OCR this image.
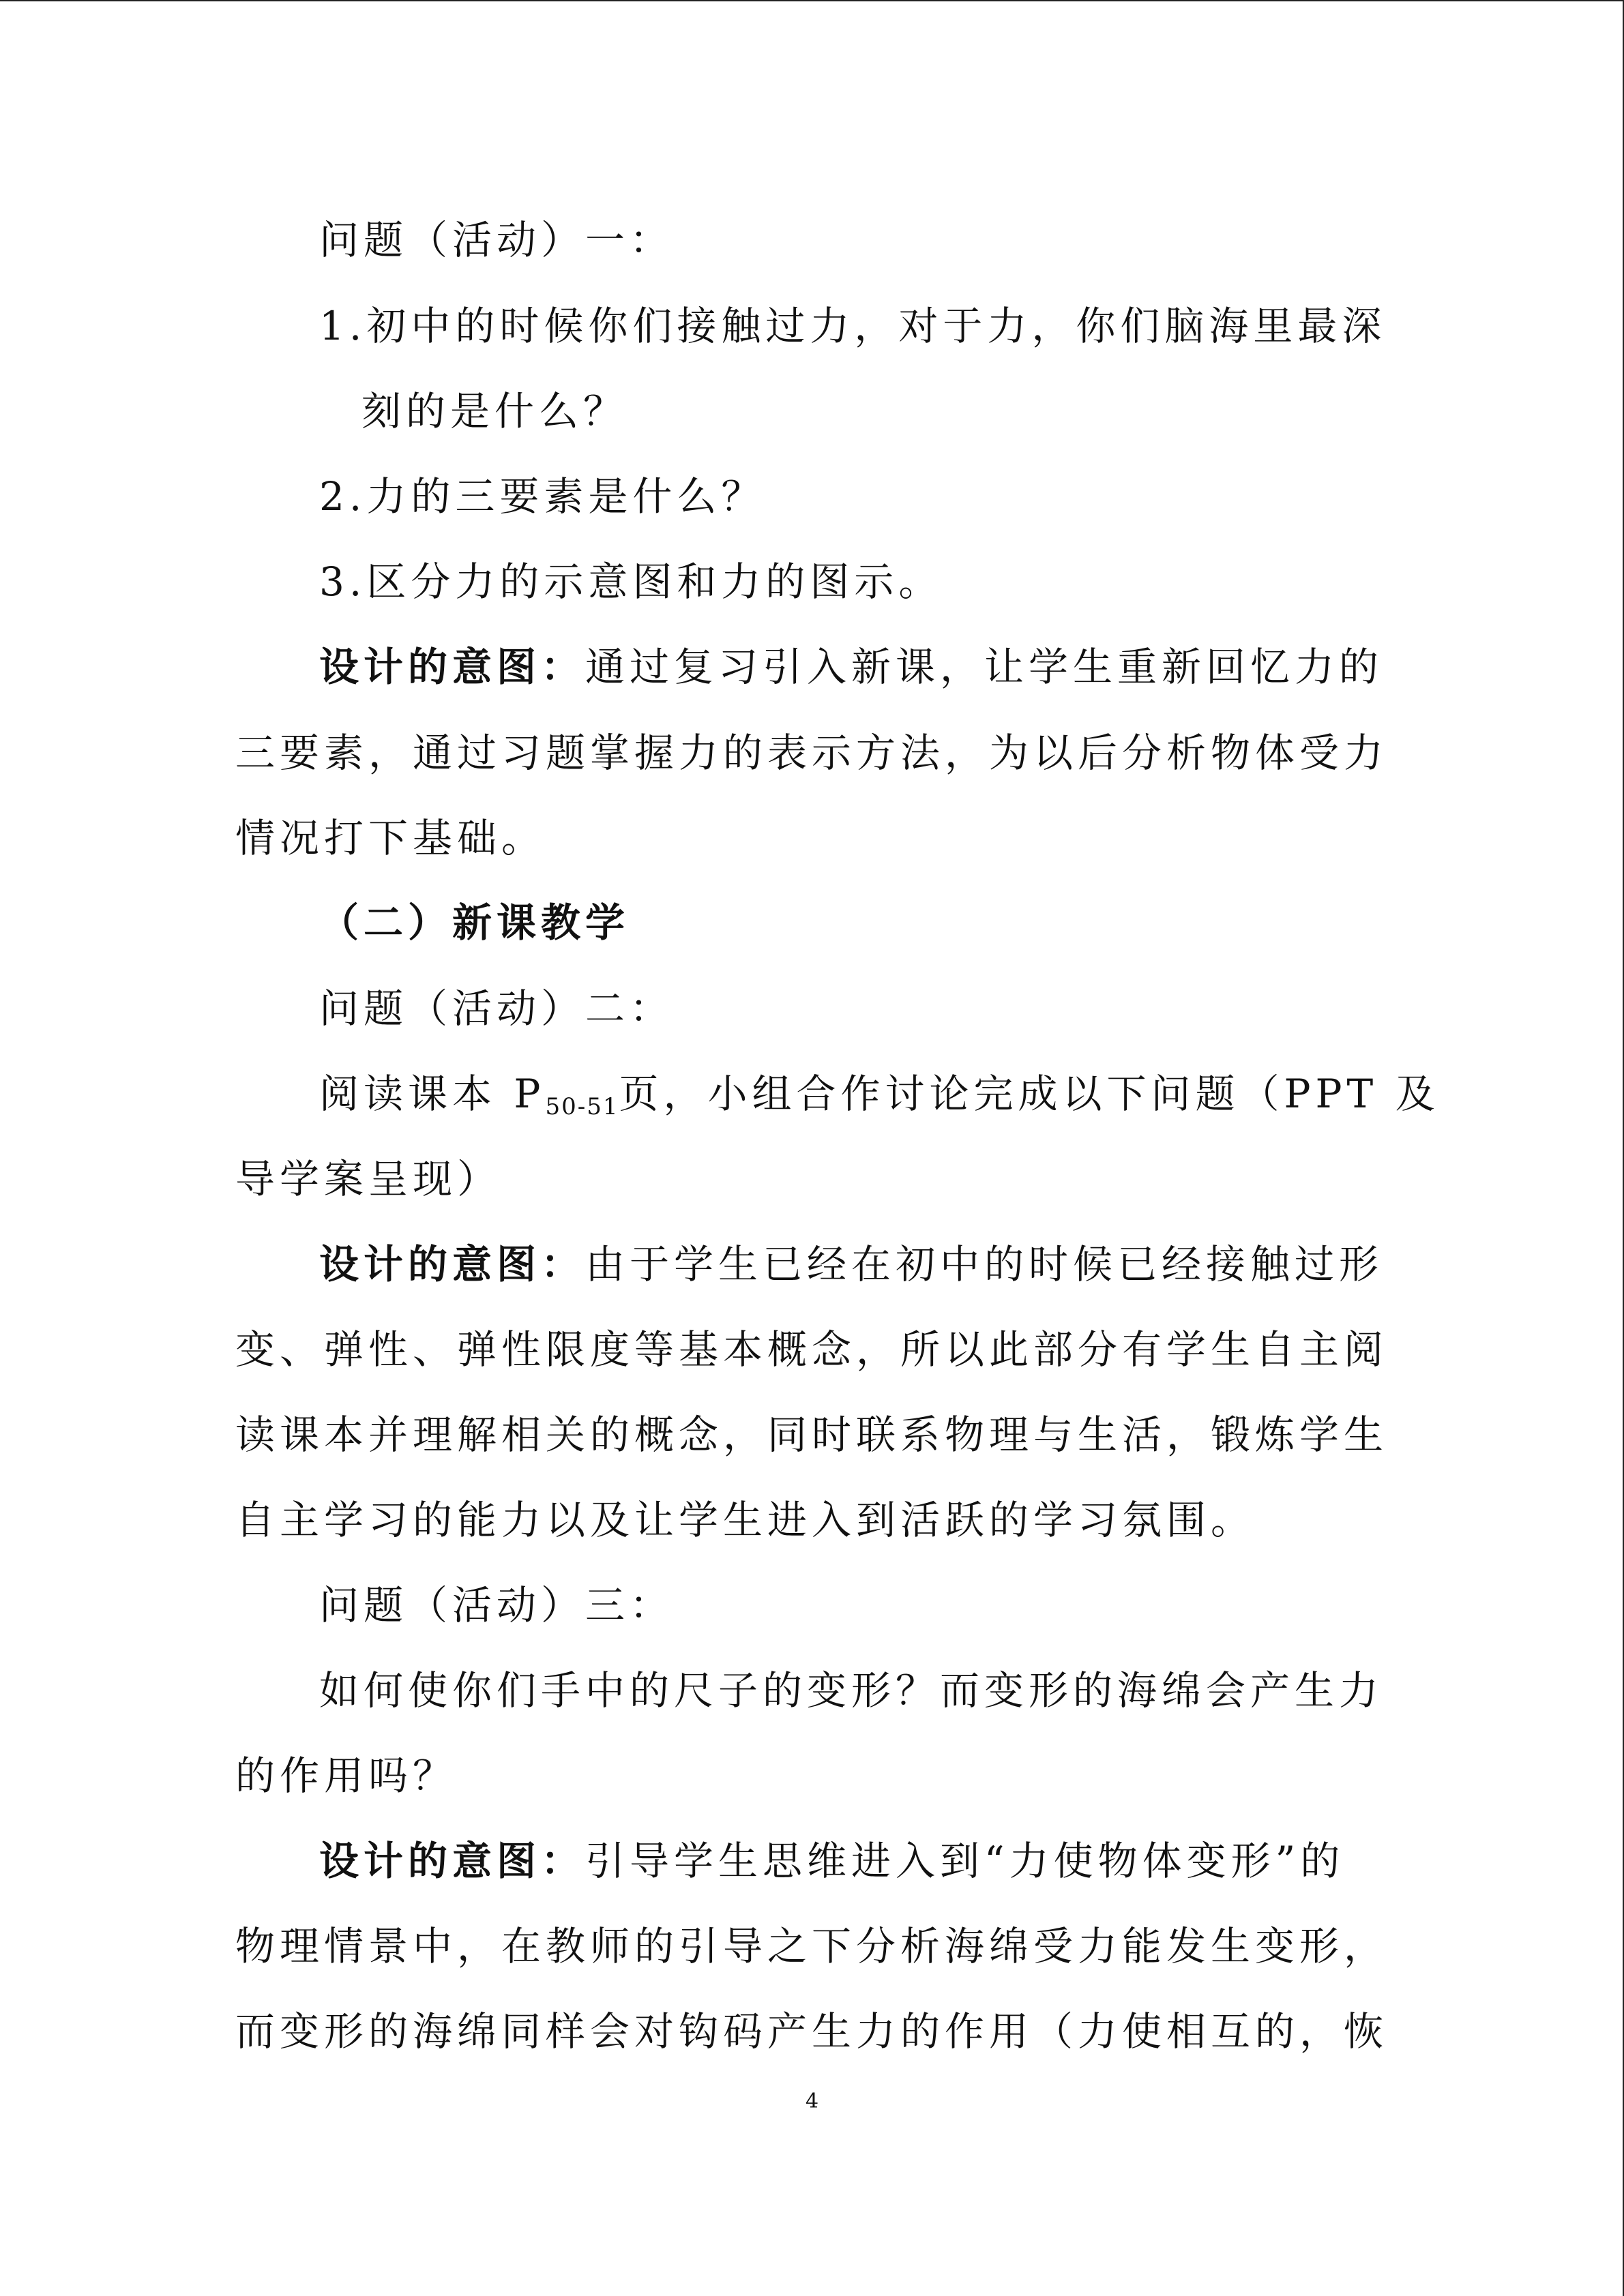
问题（活动）一：
1.初中的时候你们接触过力，对于力，你们脑海里最深
刻的是什么？
2.力的三要素是什么？
3.区分力的示意图和力的图示。
设计的意图：通过复习引入新课，让学生重新回忆力的
三要素，通过习题掌握力的表示方法，为以后分析物体受力
情况打下基础。
（二）新课教学
问题（活动）二：
阅读课本 $P_{50-51}$页，小组合作讨论完成以下问题（PPT 及
导学案呈现）
设计的意图：由于学生已经在初中的时候已经接触过形
变、弹性、弹性限度等基本概念，所以此部分有学生自主阅
读课本并理解相关的概念，同时联系物理与生活，锻炼学生
自主学习的能力以及让学生进入到活跃的学习氛围。
问题（活动）三：
如何使你们手中的尺子的变形？而变形的海绵会产生力
的作用吗？
设计的意图：引导学生思维进入到“力使物体变形”的
物理情景中，在教师的引导之下分析海绵受力能发生变形，
而变形的海绵同样会对钩码产生力的作用（力使相互的，恢
4
